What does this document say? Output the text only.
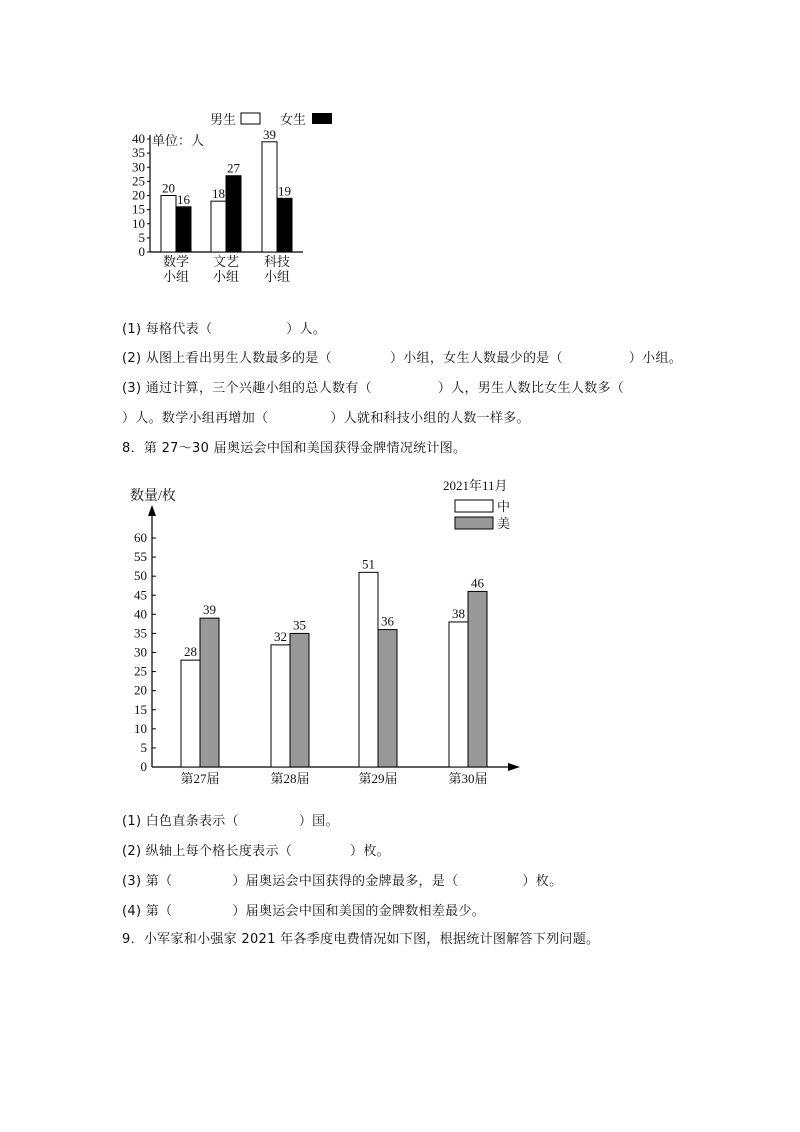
0
5
10
15
20
25
30
35
40
数学
小组
文艺
小组
科技
小组
20
16 18
27
39
19
单位：人
男生	女生
(1) 每格代表（	）人。
(2) 从图上看出男生人数最多的是（	）小组，女生人数最少的是（	）小组。
(3) 通过计算，三个兴趣小组的总人数有（	）人，男生人数比女生人数多（
）人。数学小组再增加（	）人就和科技小组的人数一样多。
8．第 27～30 届奥运会中国和美国获得金牌情况统计图。
0
5
10
15
20
25
30
35
40
45
50
55
60
第27届	第28届	第29届	第30届
28
39
32
35
51
36
38
46
数量/枚
2021年11月
中
美
(1) 白色直条表示（	）国。
(2) 纵轴上每个格长度表示（	）枚。
(3) 第（	）届奥运会中国获得的金牌最多，是（	）枚。
(4) 第（	）届奥运会中国和美国的金牌数相差最少。
9．小军家和小强家 2021 年各季度电费情况如下图，根据统计图解答下列问题。
